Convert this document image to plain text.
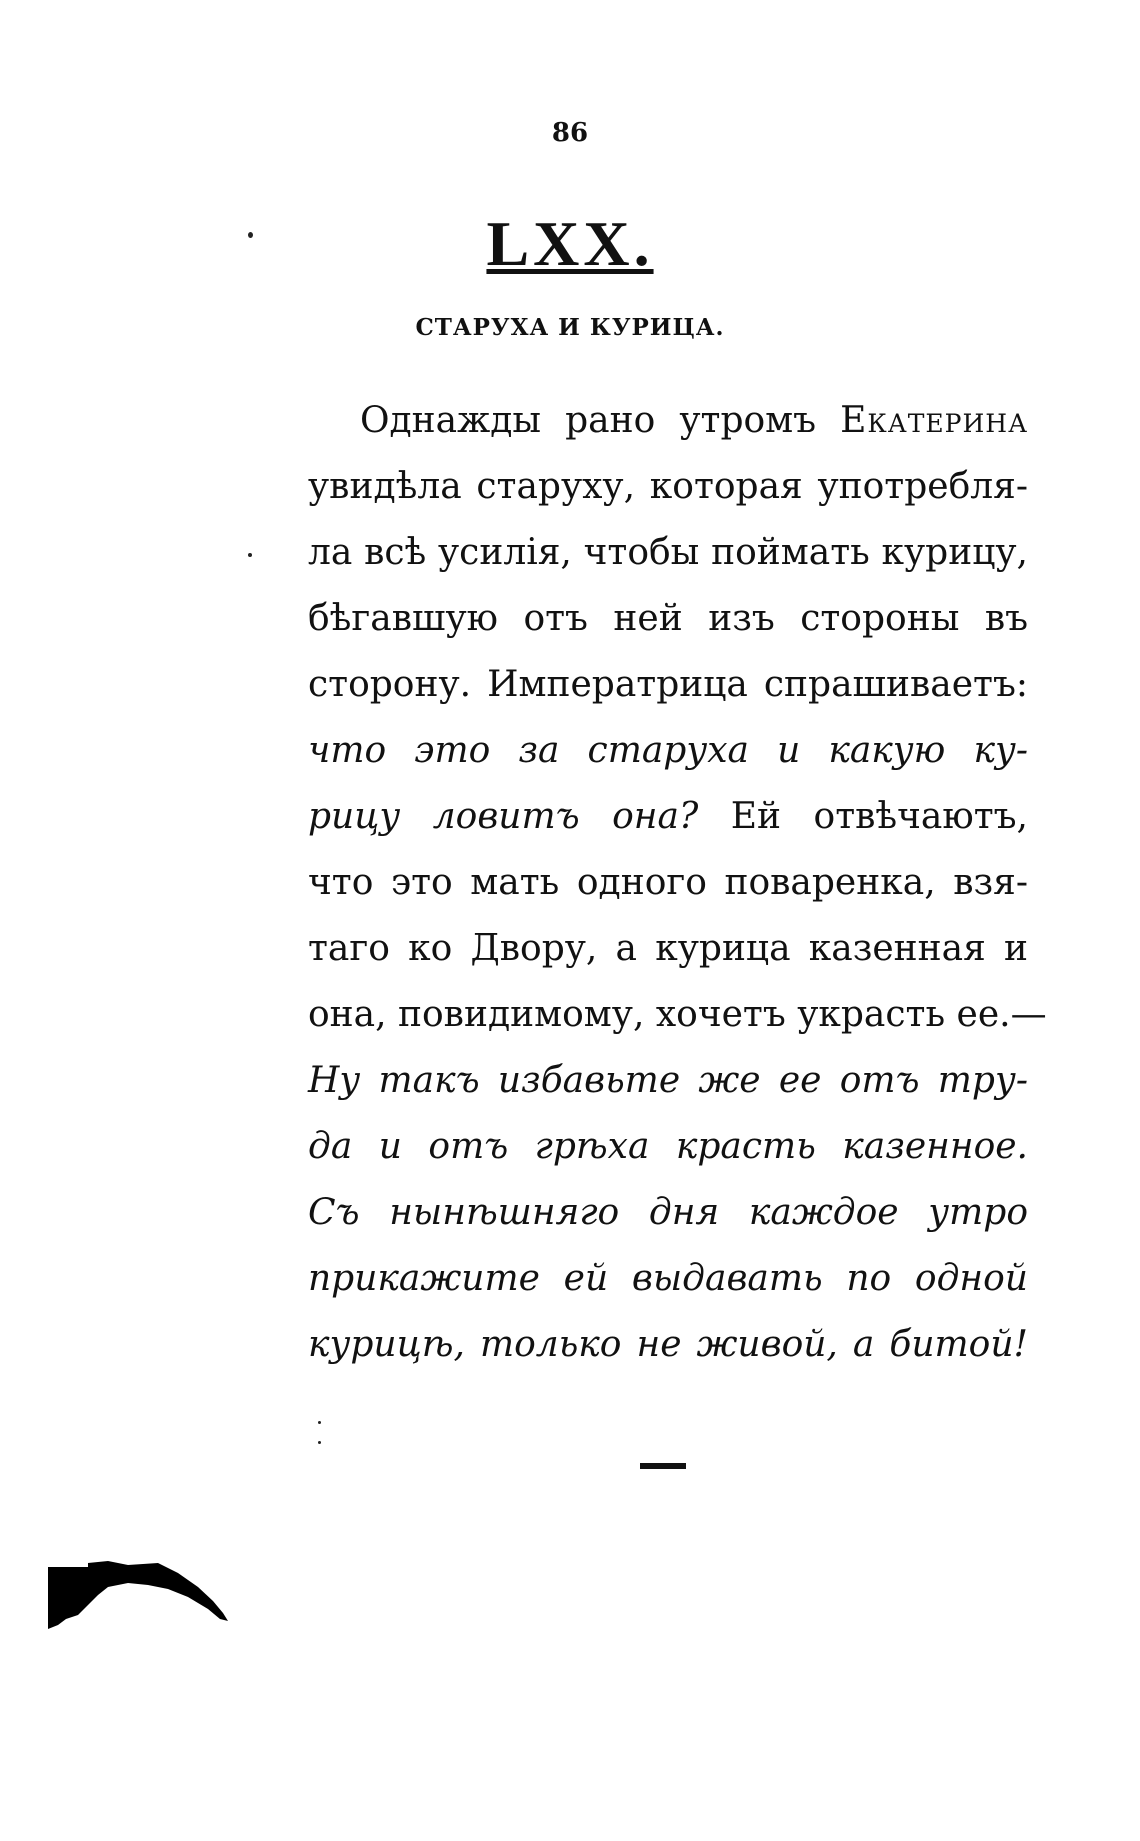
86
LXX.
СТАРУХА И КУРИЦА.
Однажды рано утромъ Екатерина
увидѣла старуху, которая употребля-
ла всѣ усилія, чтобы поймать курицу,
бѣгавшую отъ ней изъ стороны въ
сторону. Императрица спрашиваетъ:
что это за старуха и какую ку-
рицу ловитъ она? Ей отвѣчаютъ,
что это мать одного поваренка, взя-
таго ко Двору, а курица казенная и
она, повидимому, хочетъ украсть ее.—
Ну такъ избавьте же ее отъ тру-
да и отъ грѣха красть казенное.
Съ нынѣшняго дня каждое утро
прикажите ей выдавать по одной
курицѣ, только не живой, а битой!
